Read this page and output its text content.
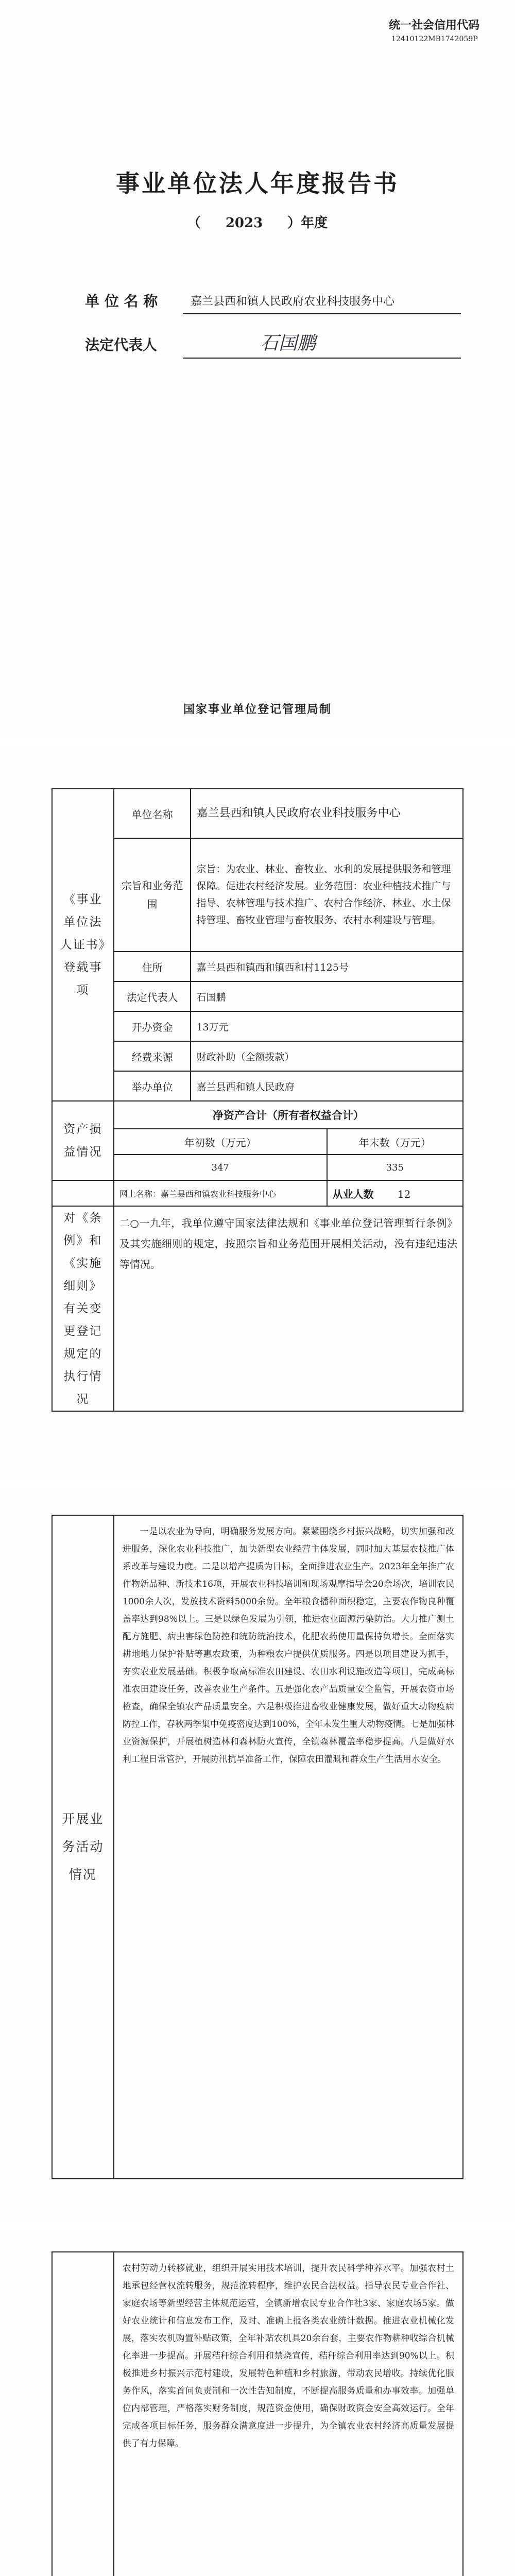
统一社会信用代码
12410122MB1742059P
事业单位法人年度报告书
（ 2023 ）年度
单 位 名 称	嘉兰县西和镇人民政府农业科技服务中心
法定代表人	石国鹏
国家事业单位登记管理局制
《事业单位法人证书》登载事项	单位名称	嘉兰县西和镇人民政府农业科技服务中心	
	宗旨和业务范围	宗旨：为农业、林业、畜牧业、水利的发展提供服务和管理保障。促进农村经济发展。业务范围：农业种植技术推广与指导、农林管理与技术推广、农村合作经济、林业、水土保持管理、畜牧业管理与畜牧服务、农村水利建设与管理。	
	住所	嘉兰县西和镇西和镇西和村1125号	
	法定代表人	石国鹏	
	开办资金	13万元	
	经费来源	财政补助（全额拨款）	
	举办单位	嘉兰县西和镇人民政府	
资产损益情况	净资产合计（所有者权益合计）		
	年初数（万元）		年末数（万元）
	347		335
	网上名称：嘉兰县西和镇农业科技服务中心		从业人数 12
对《条例》和《实施细则》有关变更登记规定的执行情况	二○一九年，我单位遵守国家法律法规和《事业单位登记管理暂行条例》及其实施细则的规定，按照宗旨和业务范围开展相关活动，没有违纪违法等情况。		
开展业务活动情况	一是以农业为导向，明确服务发展方向。紧紧围绕乡村振兴战略，切实加强和改进服务，深化农业科技推广，加快新型农业经营主体发展，同时加大基层农技推广体系改革与建设力度。二是以增产提质为目标，全面推进农业生产。2023年全年推广农作物新品种、新技术16项，开展农业科技培训和现场观摩指导会20余场次，培训农民1000余人次，发放技术资料5000余份。全年粮食播种面积稳定，主要农作物良种覆盖率达到98%以上。三是以绿色发展为引领，推进农业面源污染防治。大力推广测土配方施肥、病虫害绿色防控和统防统治技术，化肥农药使用量保持负增长。全面落实耕地地力保护补贴等惠农政策，为种粮农户提供优质服务。四是以项目建设为抓手，夯实农业发展基础。积极争取高标准农田建设、农田水利设施改造等项目，完成高标准农田建设任务，改善农业生产条件。五是强化农产品质量安全监管，开展农资市场检查，确保全镇农产品质量安全。六是积极推进畜牧业健康发展，做好重大动物疫病防控工作，春秋两季集中免疫密度达到100%，全年未发生重大动物疫情。七是加强林业资源保护，开展植树造林和森林防火宣传，全镇森林覆盖率稳步提高。八是做好水利工程日常管护，开展防汛抗旱准备工作，保障农田灌溉和群众生产生活用水安全。
	农村劳动力转移就业，组织开展实用技术培训，提升农民科学种养水平。加强农村土地承包经营权流转服务，规范流转程序，维护农民合法权益。指导农民专业合作社、家庭农场等新型经营主体规范运营，全镇新增农民专业合作社3家、家庭农场5家。做好农业统计和信息发布工作，及时、准确上报各类农业统计数据。推进农业机械化发展，落实农机购置补贴政策，全年补贴农机具20余台套，主要农作物耕种收综合机械化率进一步提高。开展秸秆综合利用和禁烧宣传，秸秆综合利用率达到90%以上。积极推进乡村振兴示范村建设，发展特色种植和乡村旅游，带动农民增收。持续优化服务作风，落实首问负责制和一次性告知制度，不断提高服务质量和办事效率。加强单位内部管理，严格落实财务制度，规范资金使用，确保财政资金安全高效运行。全年完成各项目标任务，服务群众满意度进一步提升，为全镇农业农村经济高质量发展提供了有力保障。
